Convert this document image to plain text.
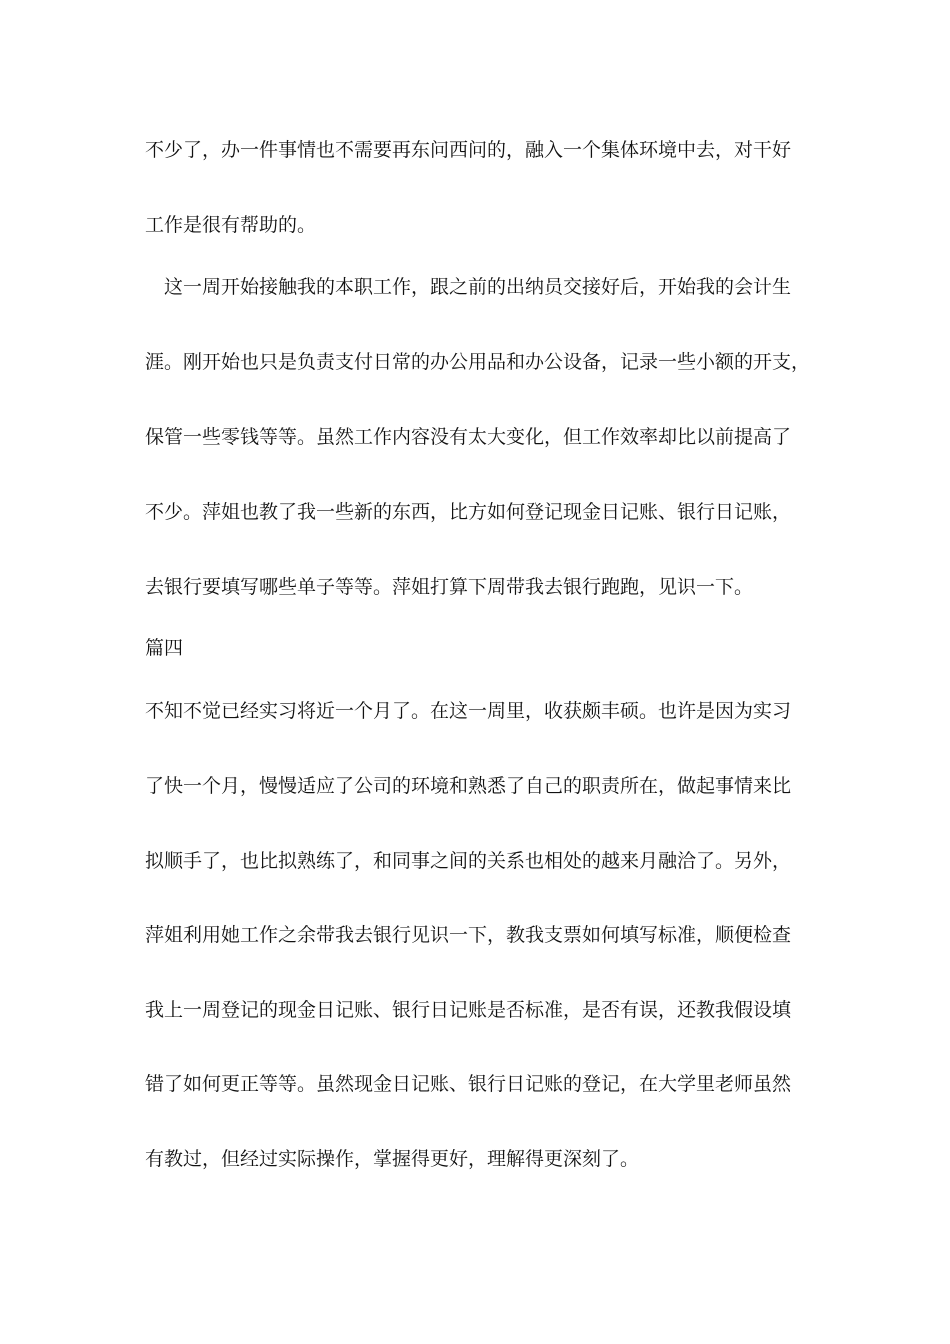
不少了，办一件事情也不需要再东问西问的，融入一个集体环境中去，对干好
工作是很有帮助的。
　这一周开始接触我的本职工作，跟之前的出纳员交接好后，开始我的会计生
涯。刚开始也只是负责支付日常的办公用品和办公设备，记录一些小额的开支，
保管一些零钱等等。虽然工作内容没有太大变化，但工作效率却比以前提高了
不少。萍姐也教了我一些新的东西，比方如何登记现金日记账、银行日记账，
去银行要填写哪些单子等等。萍姐打算下周带我去银行跑跑，见识一下。
篇四
不知不觉已经实习将近一个月了。在这一周里，收获颇丰硕。也许是因为实习
了快一个月，慢慢适应了公司的环境和熟悉了自己的职责所在，做起事情来比
拟顺手了，也比拟熟练了，和同事之间的关系也相处的越来月融洽了。另外，
萍姐利用她工作之余带我去银行见识一下，教我支票如何填写标准，顺便检查
我上一周登记的现金日记账、银行日记账是否标准，是否有误，还教我假设填
错了如何更正等等。虽然现金日记账、银行日记账的登记，在大学里老师虽然
有教过，但经过实际操作，掌握得更好，理解得更深刻了。
